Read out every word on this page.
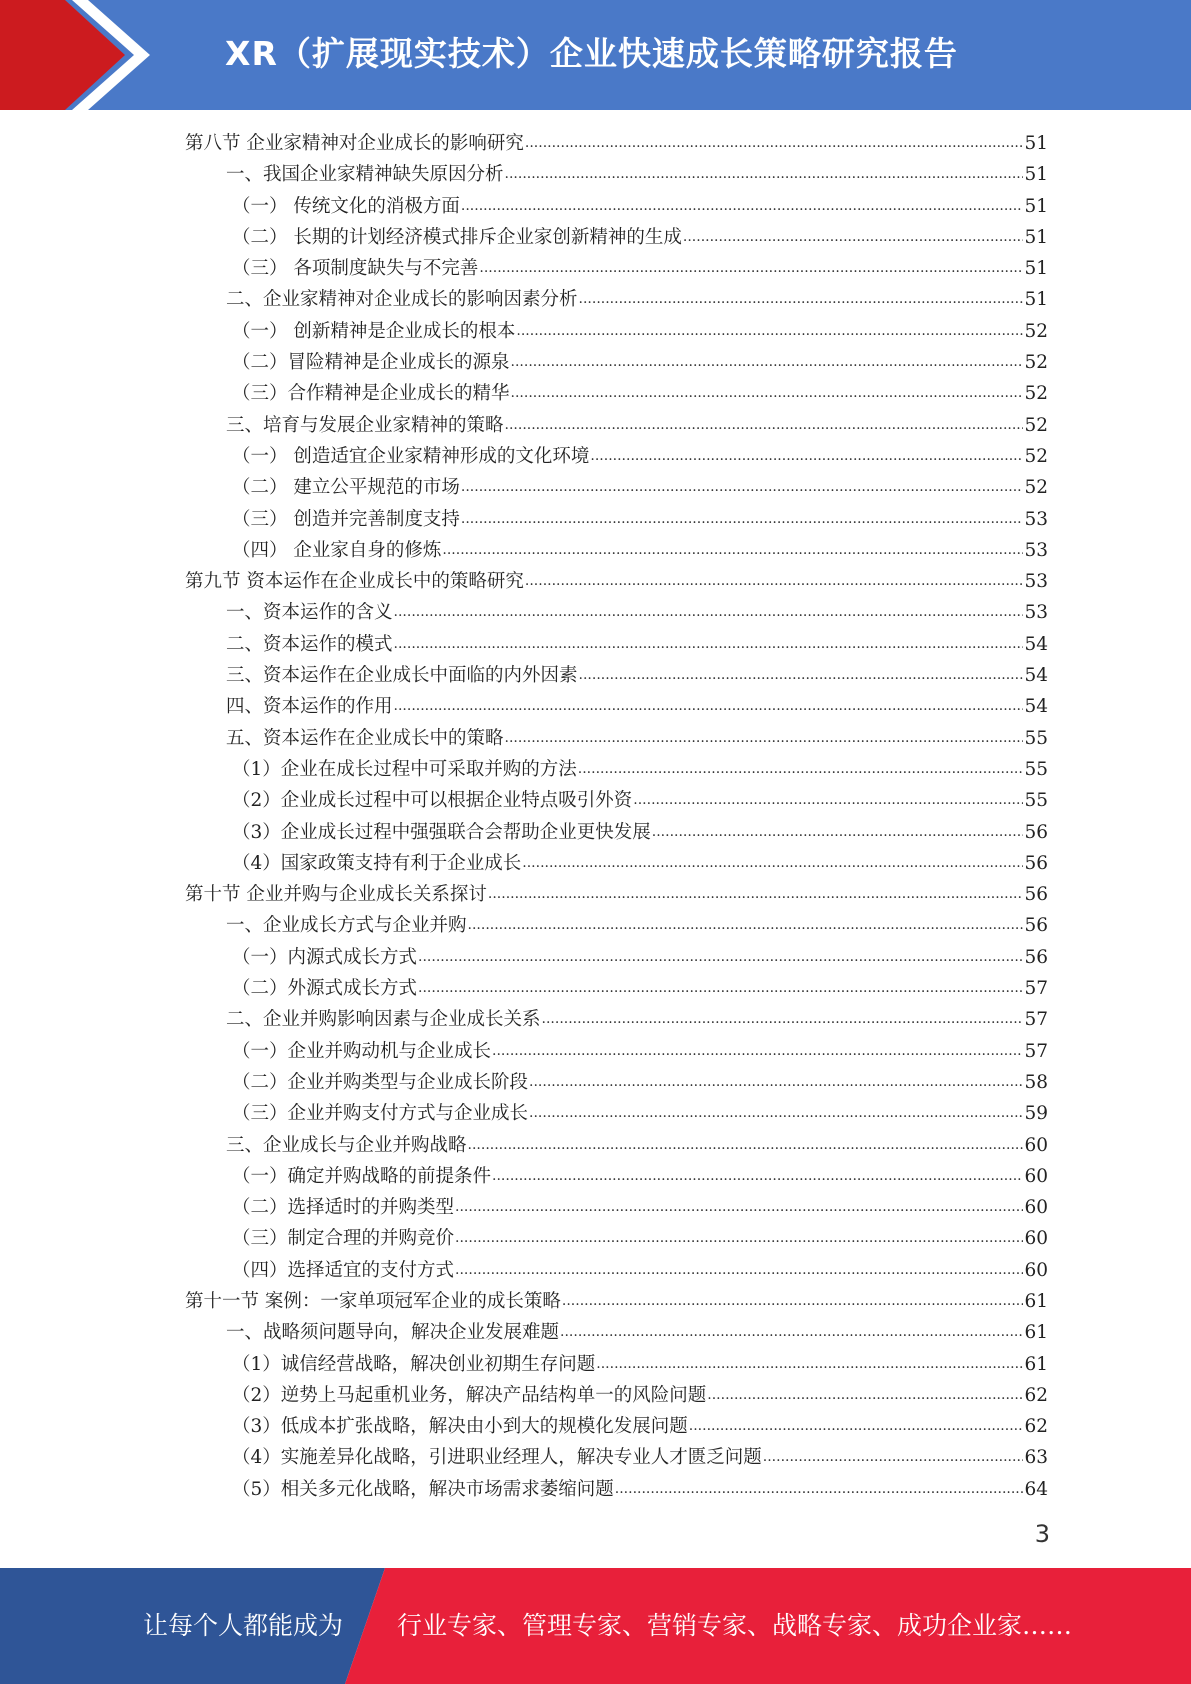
XR（扩展现实技术）企业快速成长策略研究报告
第八节 企业家精神对企业成长的影响研究 .....	51
一、我国企业家精神缺失原因分析 .....	51
（一） 传统文化的消极方面 .....	51
（二） 长期的计划经济模式排斥企业家创新精神的生成 .....	51
（三） 各项制度缺失与不完善 .....	51
二、企业家精神对企业成长的影响因素分析 .....	51
（一） 创新精神是企业成长的根本 .....	52
（二）冒险精神是企业成长的源泉 .....	52
（三）合作精神是企业成长的精华 .....	52
三、培育与发展企业家精神的策略 .....	52
（一） 创造适宜企业家精神形成的文化环境 .....	52
（二） 建立公平规范的市场 .....	52
（三） 创造并完善制度支持 .....	53
（四） 企业家自身的修炼 .....	53
第九节 资本运作在企业成长中的策略研究 .....	53
一、资本运作的含义 .....	53
二、资本运作的模式 .....	54
三、资本运作在企业成长中面临的内外因素 .....	54
四、资本运作的作用 .....	54
五、资本运作在企业成长中的策略 .....	55
（1）企业在成长过程中可采取并购的方法 .....	55
（2）企业成长过程中可以根据企业特点吸引外资 .....	55
（3）企业成长过程中强强联合会帮助企业更快发展 .....	56
（4）国家政策支持有利于企业成长 .....	56
第十节 企业并购与企业成长关系探讨 .....	56
一、企业成长方式与企业并购 .....	56
（一）内源式成长方式 .....	56
（二）外源式成长方式 .....	57
二、企业并购影响因素与企业成长关系 .....	57
（一）企业并购动机与企业成长 .....	57
（二）企业并购类型与企业成长阶段 .....	58
（三）企业并购支付方式与企业成长 .....	59
三、企业成长与企业并购战略 .....	60
（一）确定并购战略的前提条件 .....	60
（二）选择适时的并购类型 .....	60
（三）制定合理的并购竞价 .....	60
（四）选择适宜的支付方式 .....	60
第十一节 案例：一家单项冠军企业的成长策略 .....	61
一、战略须问题导向，解决企业发展难题 .....	61
（1）诚信经营战略，解决创业初期生存问题 .....	61
（2）逆势上马起重机业务，解决产品结构单一的风险问题 .....	62
（3）低成本扩张战略，解决由小到大的规模化发展问题 .....	62
（4）实施差异化战略，引进职业经理人，解决专业人才匮乏问题 .....	63
（5）相关多元化战略，解决市场需求萎缩问题 .....	64
3
让每个人都能成为 行业专家、管理专家、营销专家、战略专家、成功企业家……
